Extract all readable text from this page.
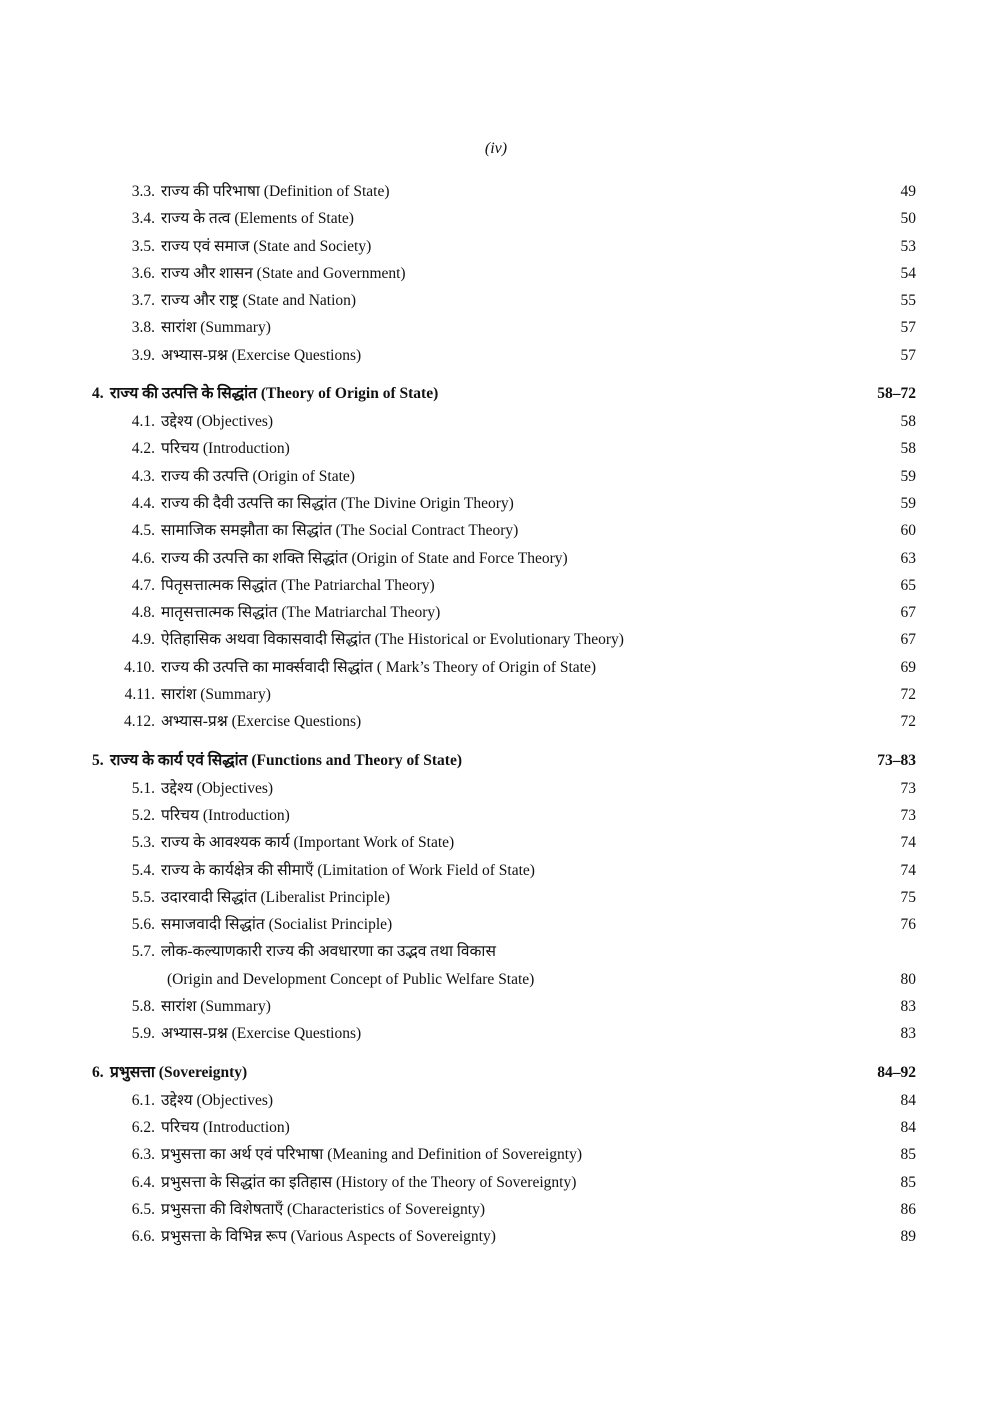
(iv)
3.3. राज्य की परिभाषा (Definition of State)	49
3.4. राज्य के तत्व (Elements of State)	50
3.5. राज्य एवं समाज (State and Society)	53
3.6. राज्य और शासन (State and Government)	54
3.7. राज्य और राष्ट्र (State and Nation)	55
3.8. सारांश (Summary)	57
3.9. अभ्यास-प्रश्न (Exercise Questions)	57
4. राज्य की उत्पत्ति के सिद्धांत (Theory of Origin of State)	58–72
4.1. उद्देश्य (Objectives)	58
4.2. परिचय (Introduction)	58
4.3. राज्य की उत्पत्ति (Origin of State)	59
4.4. राज्य की दैवी उत्पत्ति का सिद्धांत (The Divine Origin Theory)	59
4.5. सामाजिक समझौता का सिद्धांत (The Social Contract Theory)	60
4.6. राज्य की उत्पत्ति का शक्ति सिद्धांत (Origin of State and Force Theory)	63
4.7. पितृसत्तात्मक सिद्धांत (The Patriarchal Theory)	65
4.8. मातृसत्तात्मक सिद्धांत (The Matriarchal Theory)	67
4.9. ऐतिहासिक अथवा विकासवादी सिद्धांत (The Historical or Evolutionary Theory)	67
4.10. राज्य की उत्पत्ति का मार्क्सवादी सिद्धांत ( Mark’s Theory of Origin of State)	69
4.11. सारांश (Summary)	72
4.12. अभ्यास-प्रश्न (Exercise Questions)	72
5. राज्य के कार्य एवं सिद्धांत (Functions and Theory of State)	73–83
5.1. उद्देश्य (Objectives)	73
5.2. परिचय (Introduction)	73
5.3. राज्य के आवश्यक कार्य (Important Work of State)	74
5.4. राज्य के कार्यक्षेत्र की सीमाएँ (Limitation of Work Field of State)	74
5.5. उदारवादी सिद्धांत (Liberalist Principle)	75
5.6. समाजवादी सिद्धांत (Socialist Principle)	76
5.7. लोक-कल्याणकारी राज्य की अवधारणा का उद्भव तथा विकास
(Origin and Development Concept of Public Welfare State)	80
5.8. सारांश (Summary)	83
5.9. अभ्यास-प्रश्न (Exercise Questions)	83
6. प्रभुसत्ता (Sovereignty)	84–92
6.1. उद्देश्य (Objectives)	84
6.2. परिचय (Introduction)	84
6.3. प्रभुसत्ता का अर्थ एवं परिभाषा (Meaning and Definition of Sovereignty)	85
6.4. प्रभुसत्ता के सिद्धांत का इतिहास (History of the Theory of Sovereignty)	85
6.5. प्रभुसत्ता की विशेषताएँ (Characteristics of Sovereignty)	86
6.6. प्रभुसत्ता के विभिन्न रूप (Various Aspects of Sovereignty)	89
